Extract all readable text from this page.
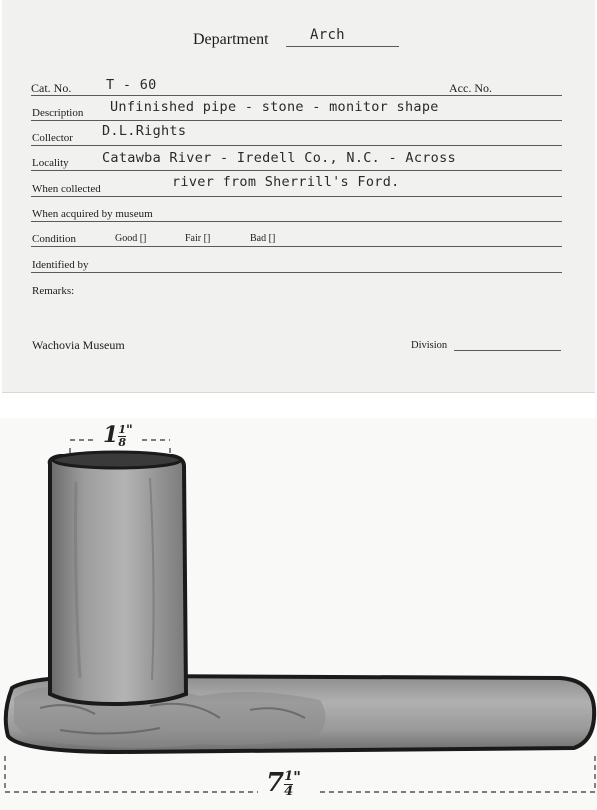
Department	Arch
Cat. No.	T - 60	Acc. No.
Description Unfinished pipe - stone - monitor shape
Collector D.L.Rights
Locality Catawba River - Iredell Co., N.C. - Across
When collected	river from Sherrill's Ford.
When acquired by museum
Condition	Good []	Fair []	Bad []
Identified by
Remarks:
Wachovia Museum	Division
$1 \frac{1}{8} ^"$
$7 \frac{1}{4} ^"$
